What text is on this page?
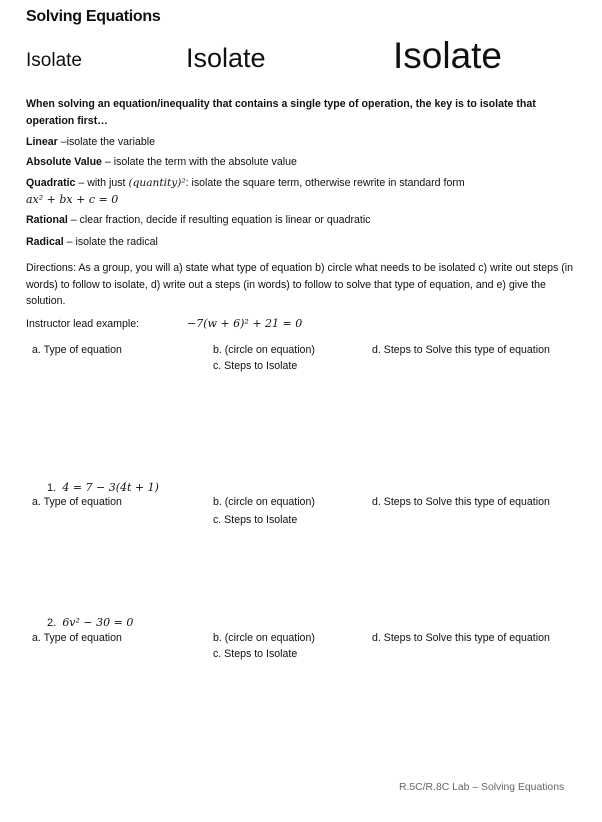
Solving Equations
Isolate	Isolate	Isolate
When solving an equation/inequality that contains a single type of operation, the key is to isolate that operation first…
Linear –isolate the variable
Absolute Value – isolate the term with the absolute value
Quadratic – with just (quantity)²: isolate the square term, otherwise rewrite in standard form
ax² + bx + c = 0
Rational – clear fraction, decide if resulting equation is linear or quadratic
Radical – isolate the radical
Directions: As a group, you will a) state what type of equation b) circle what needs to be isolated c) write out steps (in words) to follow to isolate, d) write out a steps (in words) to follow to solve that type of equation, and e) give the solution.
Instructor lead example:	−7(w + 6)² + 21 = 0
a. Type of equation	b. (circle on equation)
c. Steps to Isolate
d. Steps to Solve this type of equation
1. 4 = 7 − 3(4t + 1)
a. Type of equation	b. (circle on equation)
c. Steps to Isolate
d. Steps to Solve this type of equation
2. 6v² − 30 = 0
a. Type of equation	b. (circle on equation)
c. Steps to Isolate
d. Steps to Solve this type of equation
R.5C/R.8C Lab – Solving Equations
